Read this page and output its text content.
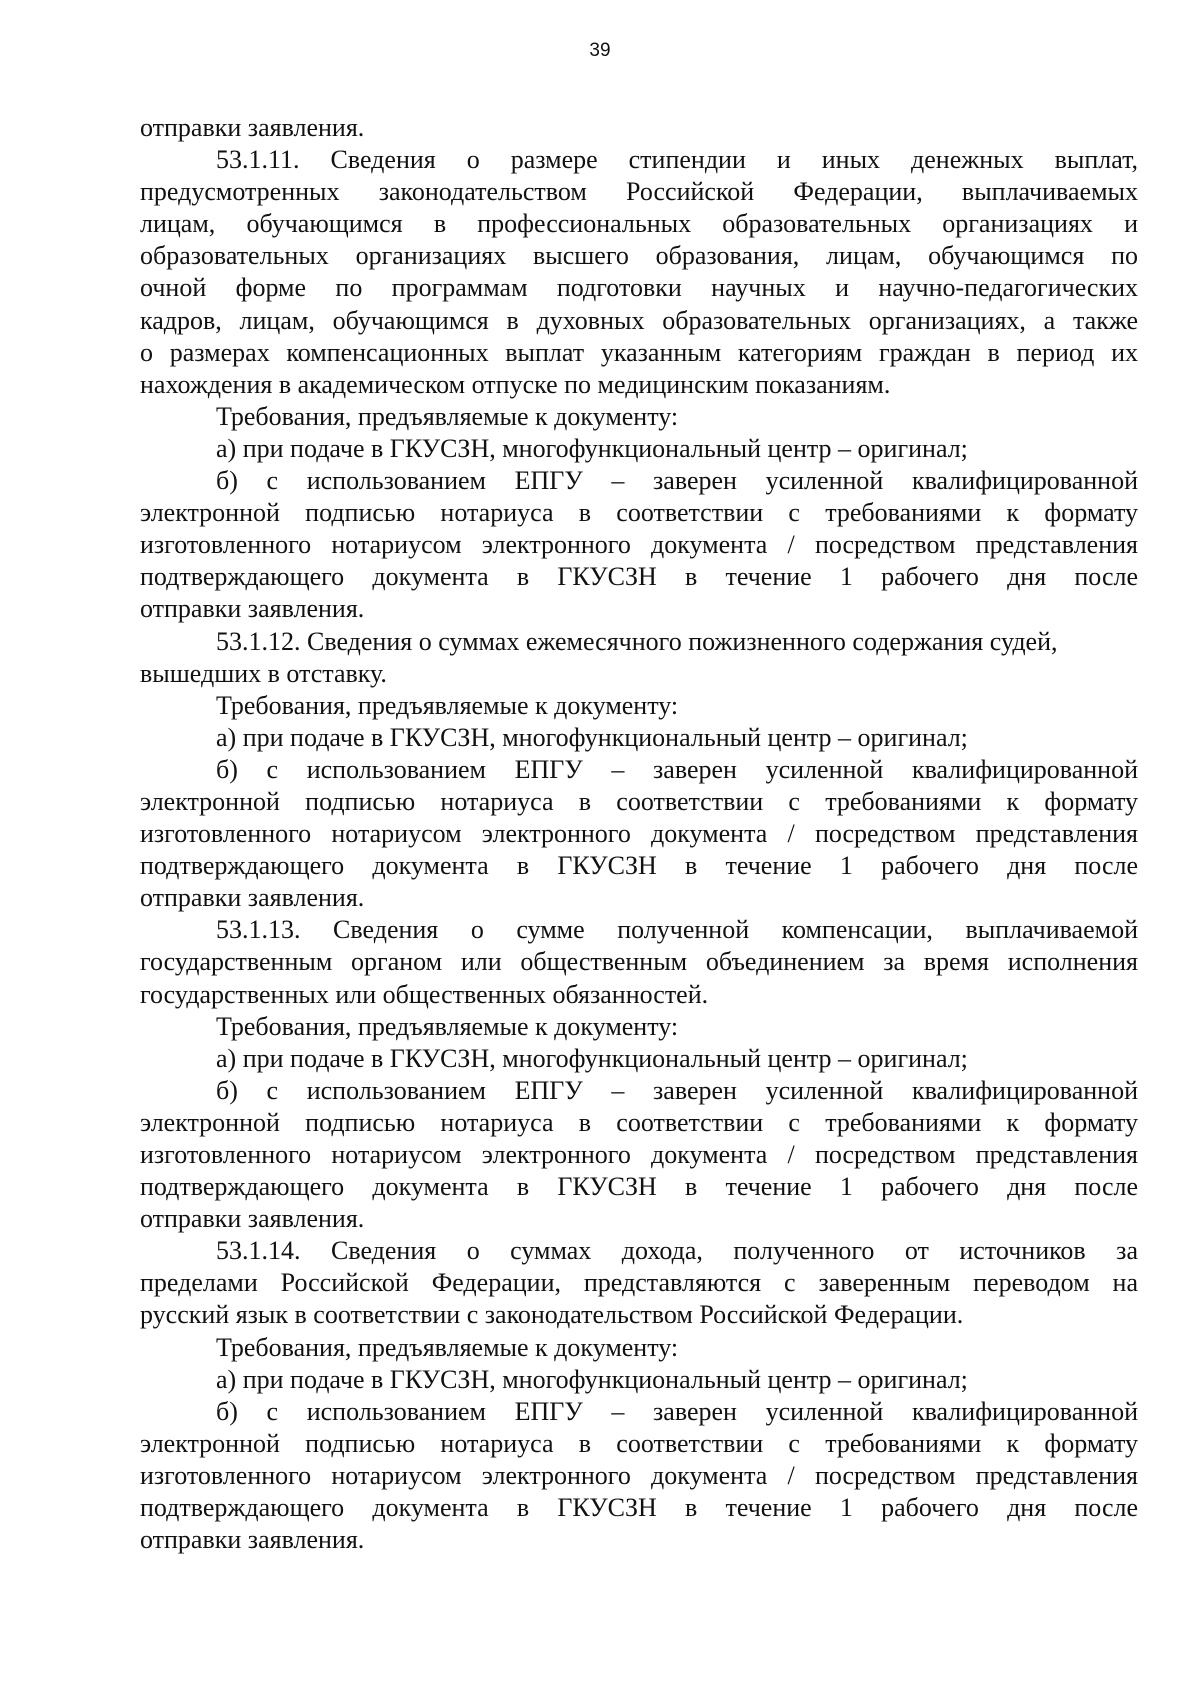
39
отправки заявления.
53.1.11. Сведения о размере стипендии и иных денежных выплат,
предусмотренных законодательством Российской Федерации, выплачиваемых
лицам, обучающимся в профессиональных образовательных организациях и
образовательных организациях высшего образования, лицам, обучающимся по
очной форме по программам подготовки научных и научно-педагогических
кадров, лицам, обучающимся в духовных образовательных организациях, а также
о размерах компенсационных выплат указанным категориям граждан в период их
нахождения в академическом отпуске по медицинским показаниям.
Требования, предъявляемые к документу:
а) при подаче в ГКУСЗН, многофункциональный центр – оригинал;
б) с использованием ЕПГУ – заверен усиленной квалифицированной
электронной подписью нотариуса в соответствии с требованиями к формату
изготовленного нотариусом электронного документа / посредством представления
подтверждающего документа в ГКУСЗН в течение 1 рабочего дня после
отправки заявления.
53.1.12. Сведения о суммах ежемесячного пожизненного содержания судей,
вышедших в отставку.
Требования, предъявляемые к документу:
а) при подаче в ГКУСЗН, многофункциональный центр – оригинал;
б) с использованием ЕПГУ – заверен усиленной квалифицированной
электронной подписью нотариуса в соответствии с требованиями к формату
изготовленного нотариусом электронного документа / посредством представления
подтверждающего документа в ГКУСЗН в течение 1 рабочего дня после
отправки заявления.
53.1.13. Сведения о сумме полученной компенсации, выплачиваемой
государственным органом или общественным объединением за время исполнения
государственных или общественных обязанностей.
Требования, предъявляемые к документу:
а) при подаче в ГКУСЗН, многофункциональный центр – оригинал;
б) с использованием ЕПГУ – заверен усиленной квалифицированной
электронной подписью нотариуса в соответствии с требованиями к формату
изготовленного нотариусом электронного документа / посредством представления
подтверждающего документа в ГКУСЗН в течение 1 рабочего дня после
отправки заявления.
53.1.14. Сведения о суммах дохода, полученного от источников за
пределами Российской Федерации, представляются с заверенным переводом на
русский язык в соответствии с законодательством Российской Федерации.
Требования, предъявляемые к документу:
а) при подаче в ГКУСЗН, многофункциональный центр – оригинал;
б) с использованием ЕПГУ – заверен усиленной квалифицированной
электронной подписью нотариуса в соответствии с требованиями к формату
изготовленного нотариусом электронного документа / посредством представления
подтверждающего документа в ГКУСЗН в течение 1 рабочего дня после
отправки заявления.
